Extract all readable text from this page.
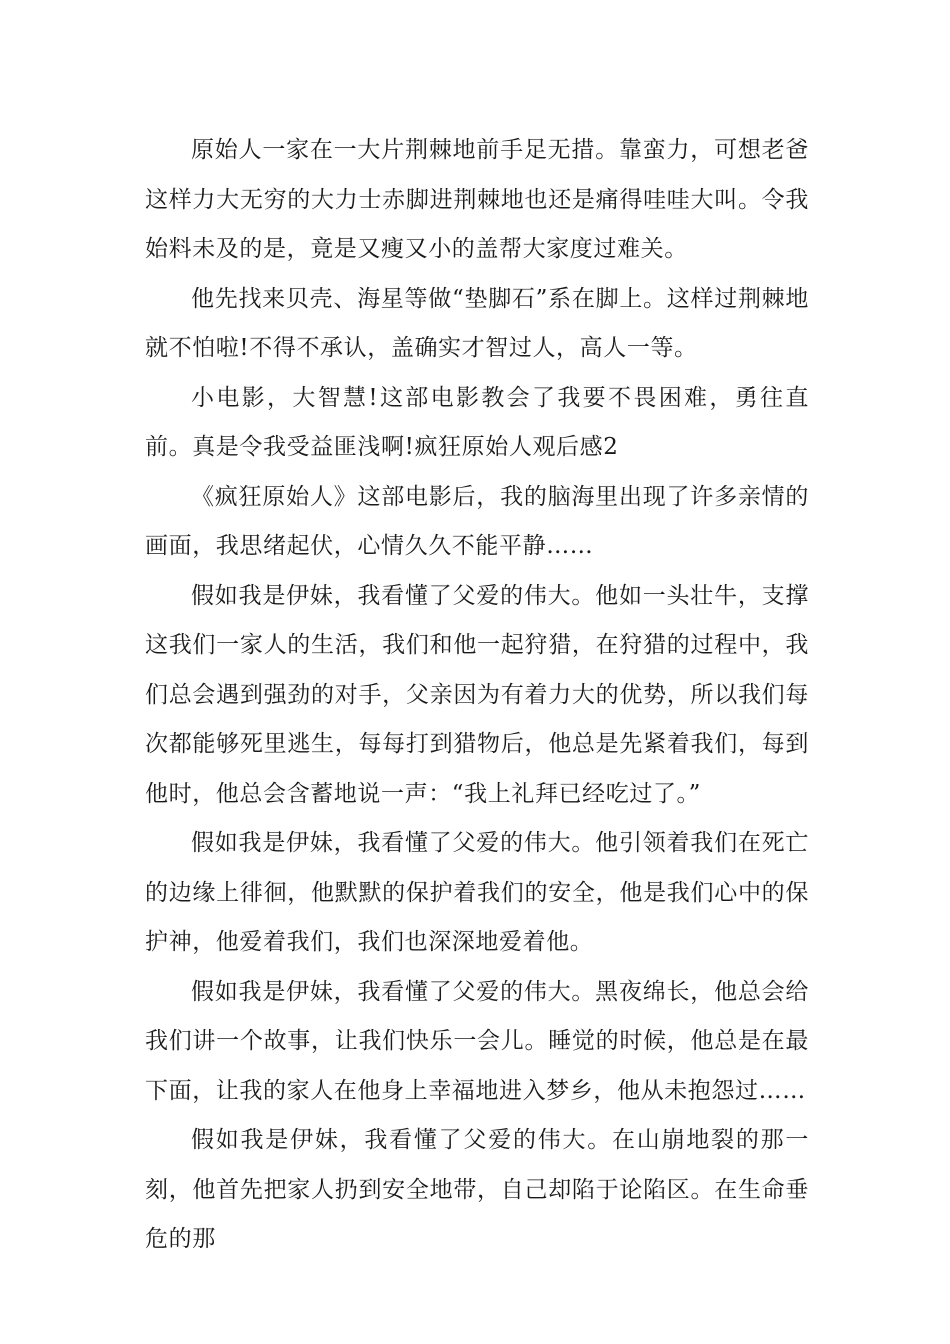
原始人一家在一大片荆棘地前手足无措。靠蛮力，可想老爸这样力大无穷的大力士赤脚进荆棘地也还是痛得哇哇大叫。令我始料未及的是，竟是又瘦又小的盖帮大家度过难关。

他先找来贝壳、海星等做“垫脚石”系在脚上。这样过荆棘地就不怕啦!不得不承认，盖确实才智过人，高人一等。

小电影，大智慧!这部电影教会了我要不畏困难，勇往直前。真是令我受益匪浅啊!疯狂原始人观后感2

《疯狂原始人》这部电影后，我的脑海里出现了许多亲情的画面，我思绪起伏，心情久久不能平静……

假如我是伊妹，我看懂了父爱的伟大。他如一头壮牛，支撑这我们一家人的生活，我们和他一起狩猎，在狩猎的过程中，我们总会遇到强劲的对手，父亲因为有着力大的优势，所以我们每次都能够死里逃生，每每打到猎物后，他总是先紧着我们，每到他时，他总会含蓄地说一声：“我上礼拜已经吃过了。”

假如我是伊妹，我看懂了父爱的伟大。他引领着我们在死亡的边缘上徘徊，他默默的保护着我们的安全，他是我们心中的保护神，他爱着我们，我们也深深地爱着他。

假如我是伊妹，我看懂了父爱的伟大。黑夜绵长，他总会给我们讲一个故事，让我们快乐一会儿。睡觉的时候，他总是在最下面，让我的家人在他身上幸福地进入梦乡，他从未抱怨过……

假如我是伊妹，我看懂了父爱的伟大。在山崩地裂的那一刻，他首先把家人扔到安全地带，自己却陷于论陷区。在生命垂危的那
